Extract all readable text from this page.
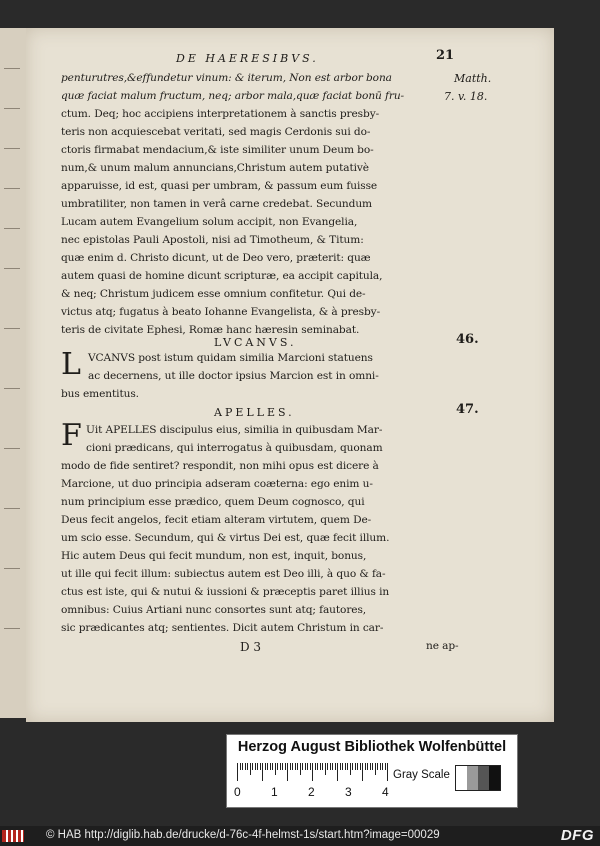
DE HAERESIBVS.	21
penturutres,&effundetur vinum: & iterum, Non est arbor bona
quæ faciat malum fructum, neq; arbor mala,quæ faciat bonū fru-
ctum. Deq; hoc accipiens interpretationem à sanctis presby-
teris non acquiescebat veritati, sed magis Cerdonis sui do-
ctoris firmabat mendacium,& iste similiter unum Deum bo-
num,& unum malum annuncians,Christum autem putativè
apparuisse, id est, quasi per umbram, & passum eum fuisse
umbratiliter, non tamen in verâ carne credebat. Secundum
Lucam autem Evangelium solum accipit, non Evangelia,
nec epistolas Pauli Apostoli, nisi ad Timotheum, & Titum:
quæ enim d. Christo dicunt, ut de Deo vero, præterit: quæ
autem quasi de homine dicunt scripturæ, ea accipit capitula,
& neq; Christum judicem esse omnium confitetur. Qui de-
victus atq; fugatus à beato Iohanne Evangelista, & à presby-
teris de civitate Ephesi, Romæ hanc hæresin seminabat.
Matth.
7. v. 18.
LVCANVS.	46.
L VCANVS post istum quidam similia Marcioni statuens
ac decernens, ut ille doctor ipsius Marcion est in omni-
bus ementitus.
APELLES.	47.
F Uit APELLES discipulus eius, similia in quibusdam Mar-
cioni prædicans, qui interrogatus à quibusdam, quonam
modo de fide sentiret? respondit, non mihi opus est dicere à
Marcione, ut duo principia adseram coæterna: ego enim u-
num principium esse prædico, quem Deum cognosco, qui
Deus fecit angelos, fecit etiam alteram virtutem, quem De-
um scio esse. Secundum, qui & virtus Dei est, quæ fecit illum.
Hic autem Deus qui fecit mundum, non est, inquit, bonus,
ut ille qui fecit illum: subiectus autem est Deo illi, à quo & fa-
ctus est iste, qui & nutui & iussioni & præceptis paret illius in
omnibus: Cuius Artiani nunc consortes sunt atq; fautores,
sic prædicantes atq; sentientes. Dicit autem Christum in car-
D 3	ne ap-
Herzog August Bibliothek Wolfenbüttel
0	1	2	3	4
Gray Scale
© HAB http://diglib.hab.de/drucke/d-76c-4f-helmst-1s/start.htm?image=00029	DFG
